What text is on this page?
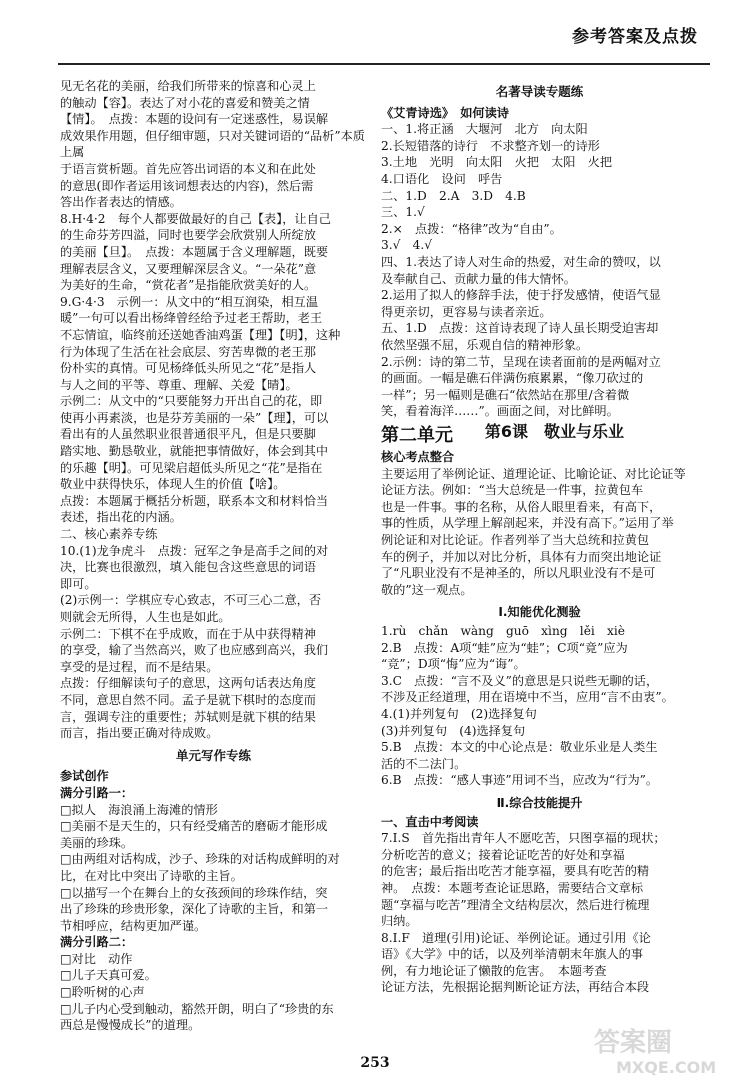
参考答案及点拨

见无名花的美丽，给我们所带来的惊喜和心灵上

的触动【容】。表达了对小花的喜爱和赞美之情

【情】。　点拨：本题的设问有一定迷惑性，易误解

成效果作用题，但仔细审题，只对关键词语的“品析”本质上属

于语言赏析题。首先应答出词语的本义和在此处

的意思(即作者运用该词想表达的内容)，然后需

答出作者表达的情感。

8.H·4·2　每个人都要做最好的自己【表】，让自己

的生命芬芳四溢，同时也要学会欣赏别人所绽放

的美丽【旦】。　点拨：本题属于含义理解题，既要

理解表层含义，又要理解深层含义。“一朵花”意

为美好的生命，“赏花者”是指能欣赏美好的人。

9.G·4·3　示例一：从文中的“相互润染，相互温

暖”一句可以看出杨绛曾经给予过老王帮助，老王

不忘情谊，临终前还送她香油鸡蛋【理】【明】，这种

行为体现了生活在社会底层、穷苦卑微的老王那

份朴实的真情。可见杨绛低头所见之“花”是指人

与人之间的平等、尊重、理解、关爱【晴】。

示例二：从文中的“只要能努力开出自己的花，即

使再小再素淡，也是芬芳美丽的一朵”【理】，可以

看出有的人虽然职业很普通很平凡，但是只要脚

踏实地、勤恳敬业，就能把事情做好，体会到其中

的乐趣【明】。可见梁启超低头所见之“花”是指在

敬业中获得快乐，体现人生的价值【啥】。

点拨：本题属于概括分析题，联系本文和材料恰当

表述，指出花的内涵。

二、核心素养专练

10.(1)龙争虎斗　点拨：冠军之争是高手之间的对

决，比赛也很激烈，填入能包含这些意思的词语

即可。

(2)示例一：学棋应专心致志，不可三心二意，否

则就会无所得，人生也是如此。

示例二：下棋不在乎成败，而在于从中获得精神

的享受，输了当然高兴，败了也应感到高兴，我们

享受的是过程，而不是结果。

点拨：仔细解读句子的意思，这两句话表达角度

不同，意思自然不同。孟子是就下棋时的态度而

言，强调专注的重要性；苏轼则是就下棋的结果

而言，指出要正确对待成败。

单元写作专练

参试创作

满分引路一：

□拟人　海浪涌上海滩的情形

□美丽不是天生的，只有经受痛苦的磨砺才能形成

美丽的珍珠。

□由两组对话构成，沙子、珍珠的对话构成鲜明的对

比，在对比中突出了诗歌的主旨。

□以描写一个在舞台上的女孩颈间的珍珠作结，突

出了珍珠的珍贵形象，深化了诗歌的主旨，和第一

节相呼应，结构更加严谨。

满分引路二：

□对比　动作

□儿子天真可爱。

□聆听树的心声

□儿子内心受到触动，豁然开朗，明白了“珍贵的东

西总是慢慢成长”的道理。

名著导读专题练

《艾青诗选》　如何读诗

一、1.将正涵　大堰河　北方　向太阳

2.长短错落的诗行　不求整齐划一的诗形

3.土地　光明　向太阳　火把　太阳　火把

4.口语化　设问　呼告

二、1.D　2.A　3.D　4.B

三、1.√

2.×　点拨：“格律”改为“自由”。

3.√　4.√

四、1.表达了诗人对生命的热爱，对生命的赞叹，以

及奉献自己、贡献力量的伟大情怀。

2.运用了拟人的修辞手法，使于抒发感情，使语气显

得更亲切，更容易与读者亲近。

五、1.D　点拨：这首诗表现了诗人虽长期受迫害却

依然坚强不屈，乐观自信的精神形象。

2.示例：诗的第二节，呈现在读者面前的是两幅对立

的画面。一幅是礁石伴满伤痕累累，“像刀砍过的

一样”；另一幅则是礁石“依然站在那里/含着微

笑，看着海洋……”。画面之间，对比鲜明。

第二单元	第6课　敬业与乐业

核心考点整合

主要运用了举例论证、道理论证、比喻论证、对比论证等

论证方法。例如：“当大总统是一件事，拉黄包车

也是一件事。事的名称，从俗人眼里看来，有高下，

事的性质，从学理上解剖起来，并没有高下。”运用了举

例论证和对比论证。作者列举了当大总统和拉黄包

车的例子，并加以对比分析，具体有力而突出地论证

了“凡职业没有不是神圣的，所以凡职业没有不是可

敬的”这一观点。

Ⅰ.知能优化测验

1.rù　chǎn　wàng　guō　xìng　lěi　xiè

2.B　点拨：A项“蛙”应为“蛙”；C项“竟”应为

“竞”；D项“悔”应为“诲”。

3.C　点拨：“言不及义”的意思是只说些无聊的话，

不涉及正经道理，用在语境中不当，应用“言不由衷”。

4.(1)并列复句　(2)选择复句

(3)并列复句　(4)选择复句

5.B　点拨：本文的中心论点是：敬业乐业是人类生

活的不二法门。

6.B　点拨：“感人事迹”用词不当，应改为“行为”。

Ⅱ.综合技能提升

一、直击中考阅读

7.I.S　首先指出青年人不愿吃苦，只图享福的现状；

分析吃苦的意义；接着论证吃苦的好处和享福

的危害；最后指出吃苦才能享福，要具有吃苦的精

神。　点拨：本题考查论证思路，需要结合文章标

题“享福与吃苦”理清全文结构层次，然后进行梳理

归纳。

8.I.F　道理(引用)论证、举例论证。通过引用《论

语》《大学》中的话，以及列举清朝末年旗人的事

例，有力地论证了懒散的危害。　本题考查

论证方法，先根据论据判断论证方法，再结合本段

253
答案圈
MXQE.COM
